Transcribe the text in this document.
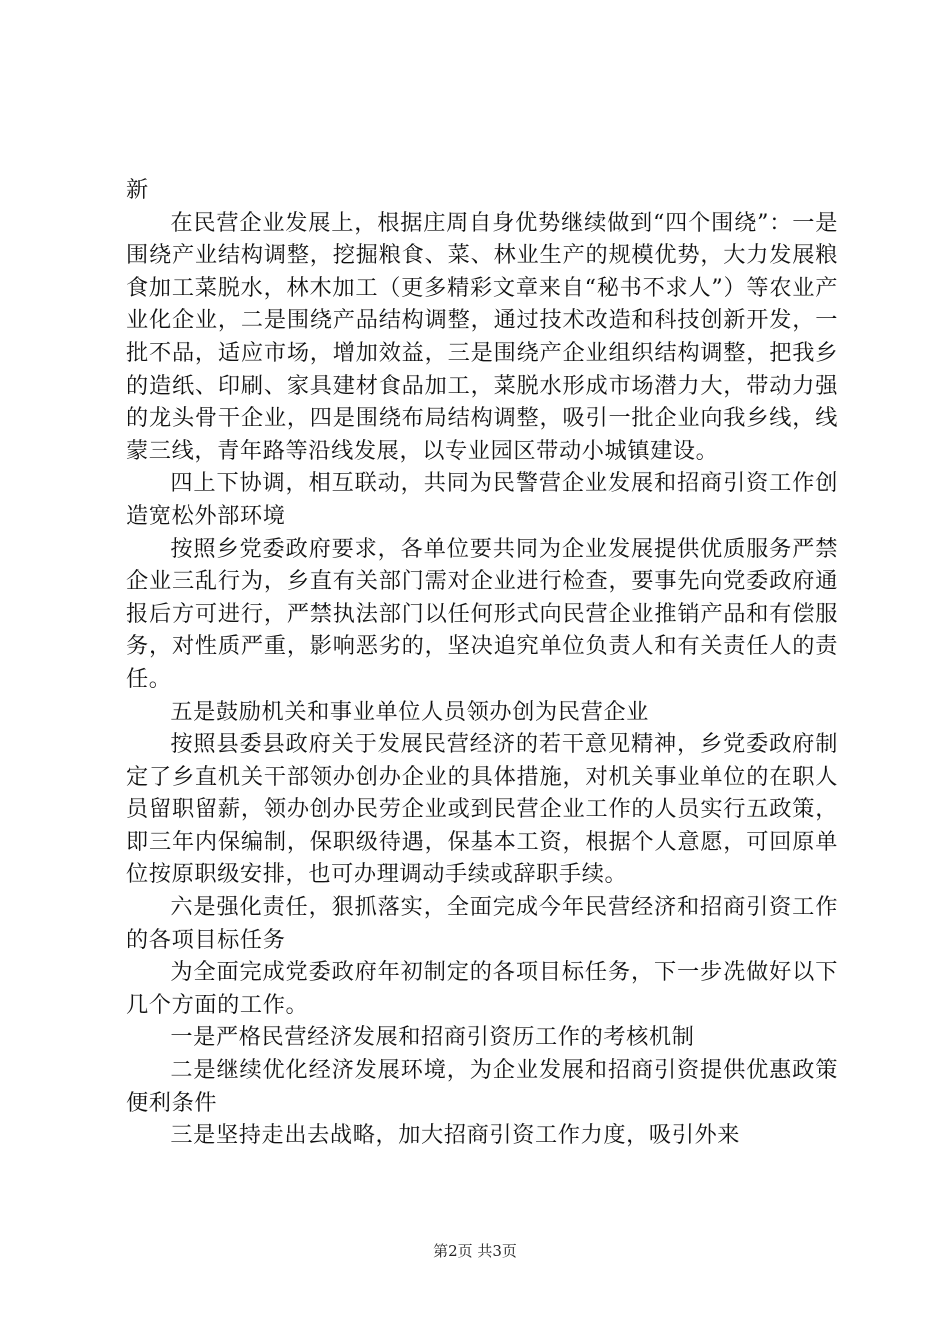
新

在民营企业发展上，根据庄周自身优势继续做到“四个围绕”：一是围绕产业结构调整，挖掘粮食、菜、林业生产的规模优势，大力发展粮食加工菜脱水，林木加工（更多精彩文章来自“秘书不求人”）等农业产业化企业，二是围绕产品结构调整，通过技术改造和科技创新开发，一批不品，适应市场，增加效益，三是围绕产企业组织结构调整，把我乡的造纸、印刷、家具建材食品加工，菜脱水形成市场潜力大，带动力强的龙头骨干企业，四是围绕布局结构调整，吸引一批企业向我乡线，线蒙三线，青年路等沿线发展，以专业园区带动小城镇建设。

四上下协调，相互联动，共同为民警营企业发展和招商引资工作创造宽松外部环境

按照乡党委政府要求，各单位要共同为企业发展提供优质服务严禁企业三乱行为，乡直有关部门需对企业进行检查，要事先向党委政府通报后方可进行，严禁执法部门以任何形式向民营企业推销产品和有偿服务，对性质严重，影响恶劣的，坚决追究单位负责人和有关责任人的责任。

五是鼓励机关和事业单位人员领办创为民营企业

按照县委县政府关于发展民营经济的若干意见精神，乡党委政府制定了乡直机关干部领办创办企业的具体措施，对机关事业单位的在职人员留职留薪，领办创办民劳企业或到民营企业工作的人员实行五政策，即三年内保编制，保职级待遇，保基本工资，根据个人意愿，可回原单位按原职级安排，也可办理调动手续或辞职手续。

六是强化责任，狠抓落实，全面完成今年民营经济和招商引资工作的各项目标任务

为全面完成党委政府年初制定的各项目标任务，下一步冼做好以下几个方面的工作。

一是严格民营经济发展和招商引资历工作的考核机制

二是继续优化经济发展环境，为企业发展和招商引资提供优惠政策便利条件

三是坚持走出去战略，加大招商引资工作力度，吸引外来

第2页 共3页
